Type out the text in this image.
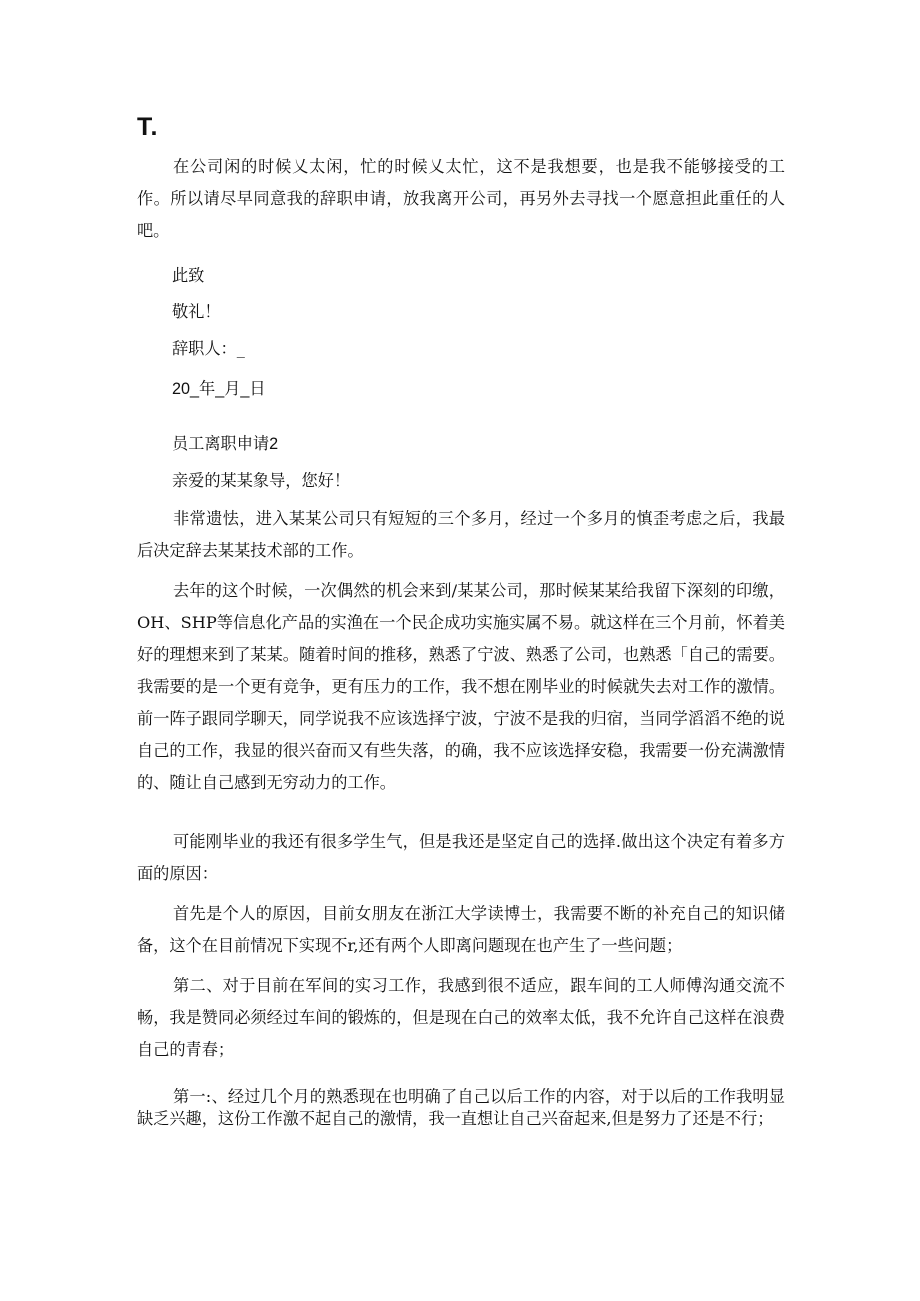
T.

在公司闲的时候乂太闲，忙的时候乂太忙，这不是我想要，也是我不能够接受的工作。所以请尽早同意我的辞职申请，放我离开公司，再另外去寻找一个愿意担此重任的人吧。

此致

敬礼！

辞职人：_

20_年_月_日

员工离职申请2

亲爱的某某象导，您好！

非常遗怯，进入某某公司只有短短的三个多月，经过一个多月的慎歪考虑之后，我最后决定辞去某某技术部的工作。

去年的这个时候，一次偶然的机会来到/某某公司，那时候某某给我留下深刻的印缴，OH、SHP等信息化产品的实渔在一个民企成功实施实属不易。就这样在三个月前，怀着美好的理想来到了某某。随着时间的推移，熟悉了宁波、熟悉了公司，也熟悉「自己的需要。我需要的是一个更有竞争，更有压力的工作，我不想在刚毕业的时候就失去对工作的激情。前一阵子跟同学聊天，同学说我不应该选择宁波，宁波不是我的归宿，当同学滔滔不绝的说自己的工作，我显的很兴奋而又有些失落，的确，我不应该选择安稳，我需要一份充满激情的、随让自己感到无穷动力的工作。

可能刚毕业的我还有很多学生气，但是我还是坚定自己的选择.做出这个决定有着多方面的原因：

首先是个人的原因，目前女朋友在浙江大学读博士，我需要不断的补充自己的知识储备，这个在目前情况下实现不r,还有两个人即离问题现在也产生了一些问题；

第二、对于目前在军间的实习工作，我感到很不适应，跟车间的工人师傅沟通交流不畅，我是赞同必须经过车间的锻炼的，但是现在白己的效率太低，我不允许自己这样在浪费自己的青春；

第一:、经过几个月的熟悉现在也明确了自己以后工作的内容，对于以后的工作我明显缺乏兴趣，这份工作激不起自己的激情，我一直想让自己兴奋起来,但是努力了还是不行；
